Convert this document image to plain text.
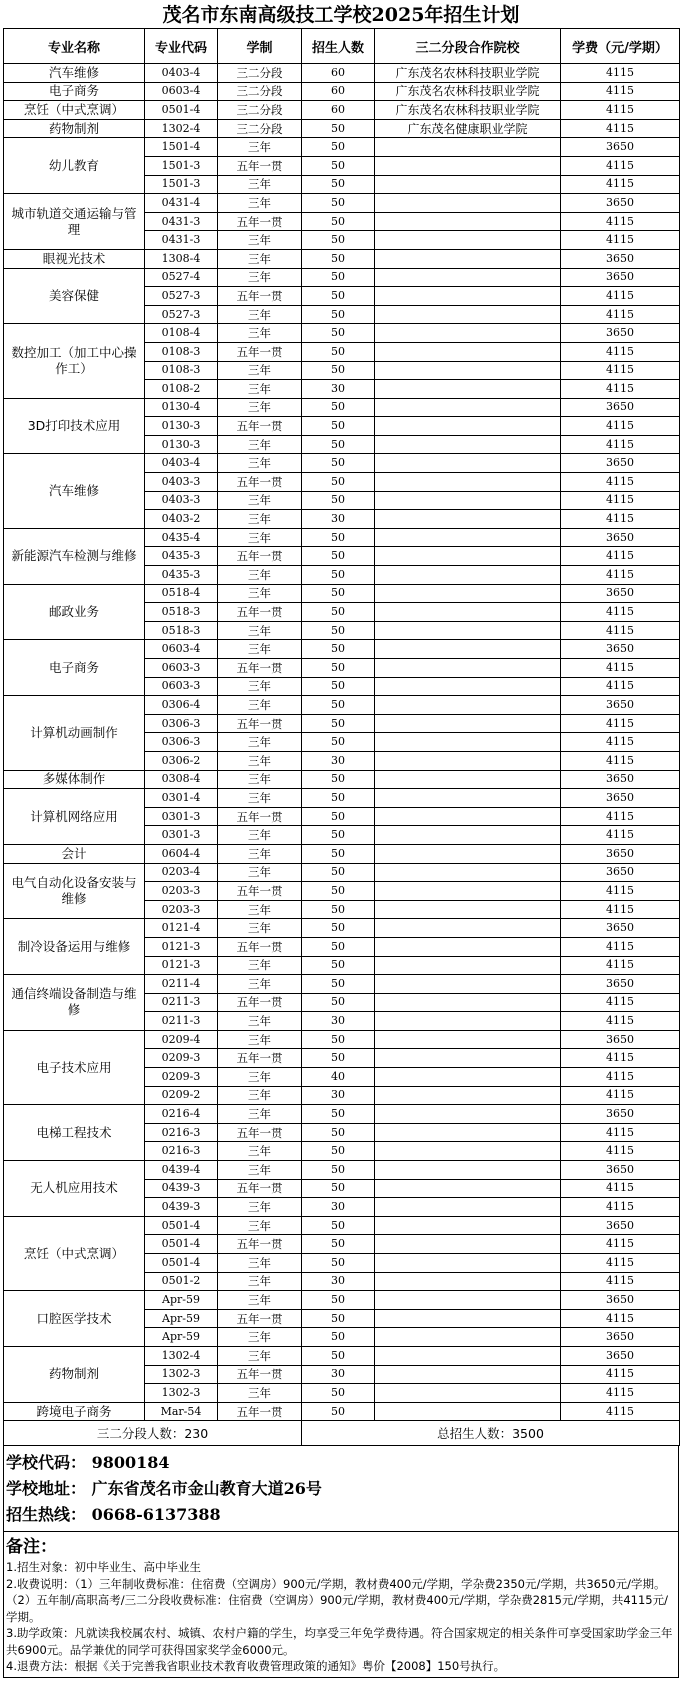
茂名市东南高级技工学校2025年招生计划
专业名称	专业代码	学制	招生人数	三二分段合作院校	学费（元/学期）
汽车维修	0403-4	三二分段	60	广东茂名农林科技职业学院	4115
电子商务	0603-4	三二分段	60	广东茂名农林科技职业学院	4115
烹饪（中式烹调）	0501-4	三二分段	60	广东茂名农林科技职业学院	4115
药物制剂	1302-4	三二分段	50	广东茂名健康职业学院	4115
幼儿教育	1501-4	三年	50		3650
	1501-3	五年一贯	50		4115
	1501-3	三年	50		4115
城市轨道交通运输与管理	0431-4	三年	50		3650
	0431-3	五年一贯	50		4115
	0431-3	三年	50		4115
眼视光技术	1308-4	三年	50		3650
美容保健	0527-4	三年	50		3650
	0527-3	五年一贯	50		4115
	0527-3	三年	50		4115
数控加工（加工中心操作工）	0108-4	三年	50		3650
	0108-3	五年一贯	50		4115
	0108-3	三年	50		4115
	0108-2	三年	30		4115
3D打印技术应用	0130-4	三年	50		3650
	0130-3	五年一贯	50		4115
	0130-3	三年	50		4115
汽车维修	0403-4	三年	50		3650
	0403-3	五年一贯	50		4115
	0403-3	三年	50		4115
	0403-2	三年	30		4115
新能源汽车检测与维修	0435-4	三年	50		3650
	0435-3	五年一贯	50		4115
	0435-3	三年	50		4115
邮政业务	0518-4	三年	50		3650
	0518-3	五年一贯	50		4115
	0518-3	三年	50		4115
电子商务	0603-4	三年	50		3650
	0603-3	五年一贯	50		4115
	0603-3	三年	50		4115
计算机动画制作	0306-4	三年	50		3650
	0306-3	五年一贯	50		4115
	0306-3	三年	50		4115
	0306-2	三年	30		4115
多媒体制作	0308-4	三年	50		3650
计算机网络应用	0301-4	三年	50		3650
	0301-3	五年一贯	50		4115
	0301-3	三年	50		4115
会计	0604-4	三年	50		3650
电气自动化设备安装与维修	0203-4	三年	50		3650
	0203-3	五年一贯	50		4115
	0203-3	三年	50		4115
制冷设备运用与维修	0121-4	三年	50		3650
	0121-3	五年一贯	50		4115
	0121-3	三年	50		4115
通信终端设备制造与维修	0211-4	三年	50		3650
	0211-3	五年一贯	50		4115
	0211-3	三年	30		4115
电子技术应用	0209-4	三年	50		3650
	0209-3	五年一贯	50		4115
	0209-3	三年	40		4115
	0209-2	三年	30		4115
电梯工程技术	0216-4	三年	50		3650
	0216-3	五年一贯	50		4115
	0216-3	三年	50		4115
无人机应用技术	0439-4	三年	50		3650
	0439-3	五年一贯	50		4115
	0439-3	三年	30		4115
烹饪（中式烹调）	0501-4	三年	50		3650
	0501-4	五年一贯	50		4115
	0501-4	三年	50		4115
	0501-2	三年	30		4115
口腔医学技术	Apr-59	三年	50		3650
	Apr-59	五年一贯	50		4115
	Apr-59	三年	50		3650
药物制剂	1302-4	三年	50		3650
	1302-3	五年一贯	30		4115
	1302-3	三年	50		4115
跨境电子商务	Mar-54	五年一贯	50		4115
三二分段人数：230			总招生人数：3500		
学校代码： 9800184
学校地址： 广东省茂名市金山教育大道26号
招生热线： 0668-6137388
备注：

1.招生对象：初中毕业生、高中毕业生

2.收费说明：（1）三年制收费标准：住宿费（空调房）900元/学期，教材费400元/学期，学杂费2350元/学期，共3650元/学期。（2）五年制/高职高考/三二分段收费标准：住宿费（空调房）900元/学期，教材费400元/学期，学杂费2815元/学期，共4115元/学期。

3.助学政策：凡就读我校属农村、城镇、农村户籍的学生，均享受三年免学费待遇。符合国家规定的相关条件可享受国家助学金三年共6900元。品学兼优的同学可获得国家奖学金6000元。

4.退费方法：根据《关于完善我省职业技术教育收费管理政策的通知》粤价【2008】150号执行。
